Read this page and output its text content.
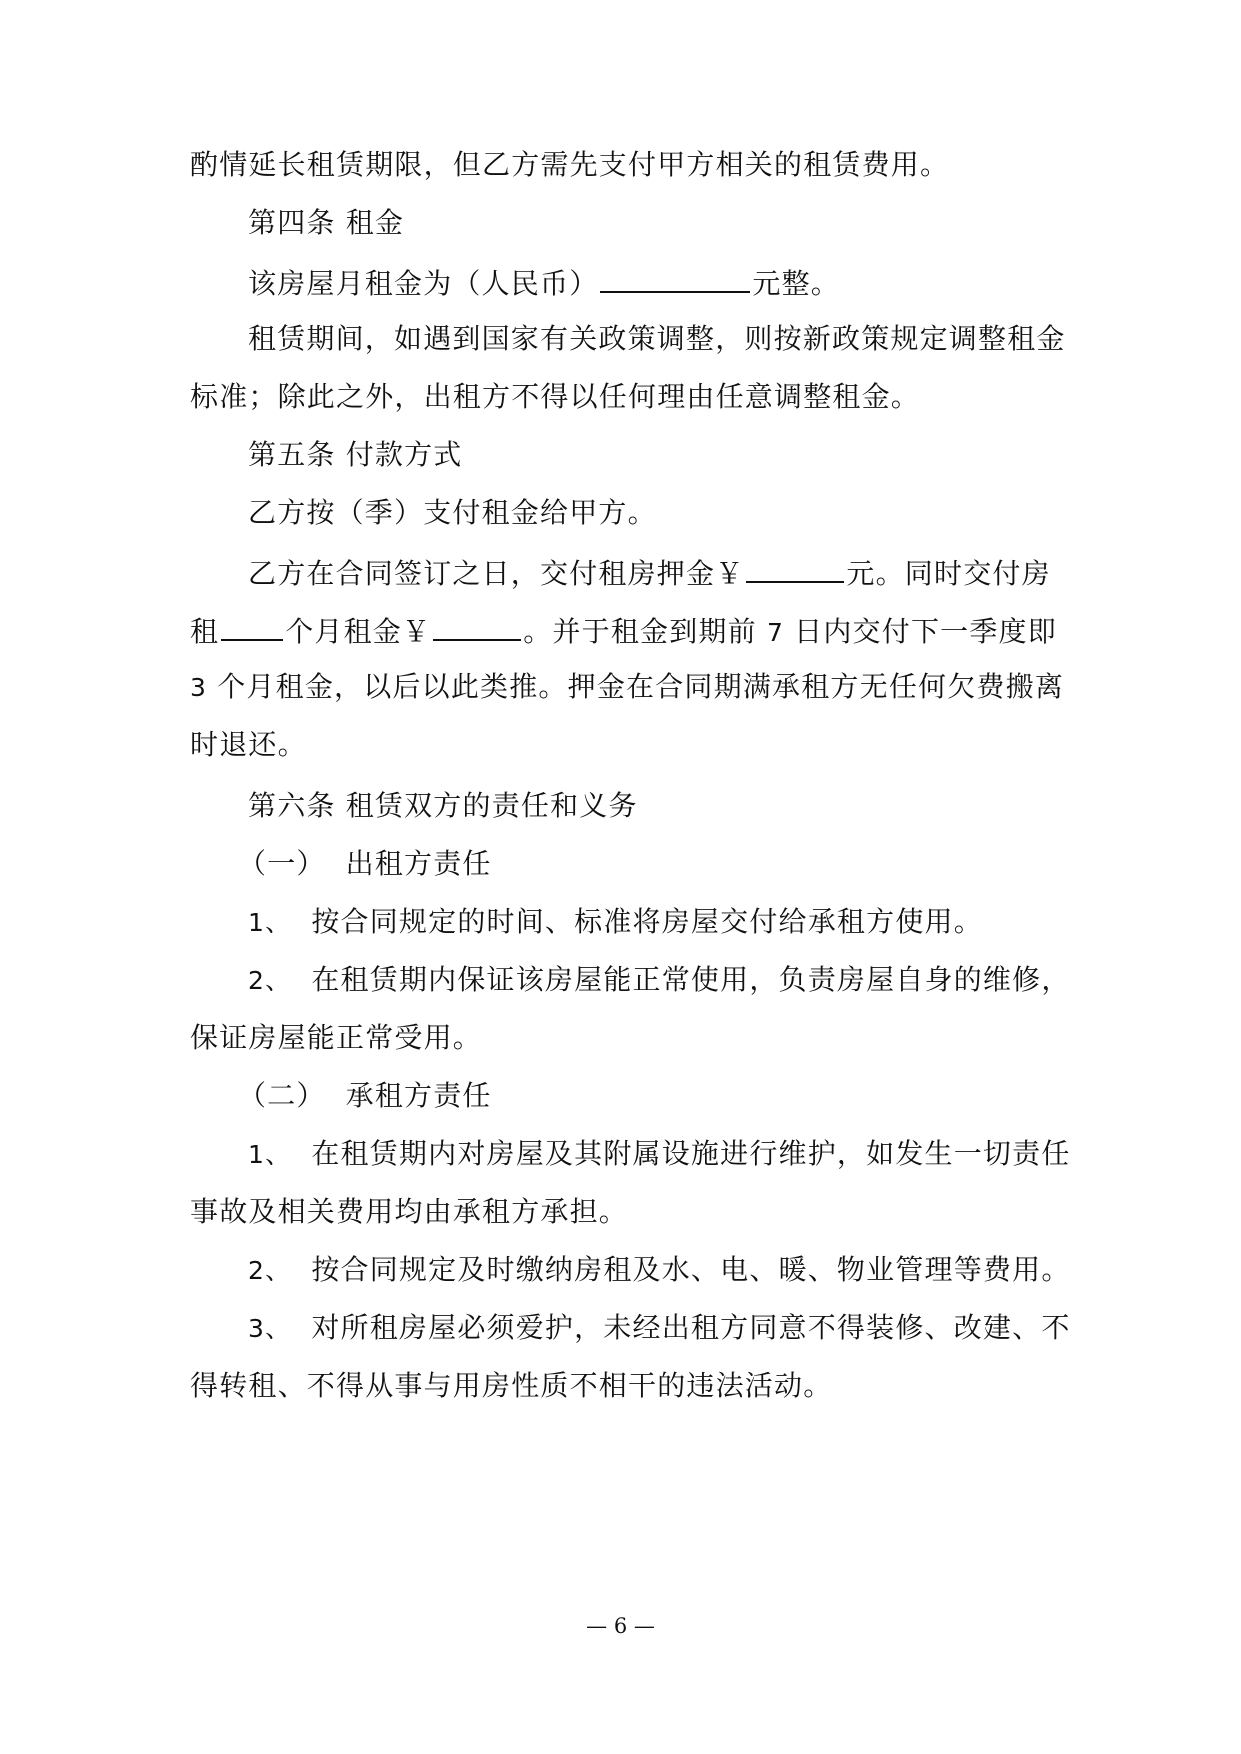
酌情延长租赁期限，但乙方需先支付甲方相关的租赁费用。
第四条 租金
该房屋月租金为（人民币）	元整。
租赁期间，如遇到国家有关政策调整，则按新政策规定调整租金
标准；除此之外，出租方不得以任何理由任意调整租金。
第五条 付款方式
乙方按（季）支付租金给甲方。
乙方在合同签订之日，交付租房押金￥	元。同时交付房
租 个月租金￥	。并于租金到期前 7 日内交付下一季度即
3 个月租金，以后以此类推。押金在合同期满承租方无任何欠费搬离
时退还。
第六条 租赁双方的责任和义务
（一） 出租方责任
1、 按合同规定的时间、标准将房屋交付给承租方使用。
2、 在租赁期内保证该房屋能正常使用，负责房屋自身的维修，
保证房屋能正常受用。
（二） 承租方责任
1、 在租赁期内对房屋及其附属设施进行维护，如发生一切责任
事故及相关费用均由承租方承担。
2、 按合同规定及时缴纳房租及水、电、暖、物业管理等费用。
3、 对所租房屋必须爱护，未经出租方同意不得装修、改建、不
得转租、不得从事与用房性质不相干的违法活动。
— 6 —
